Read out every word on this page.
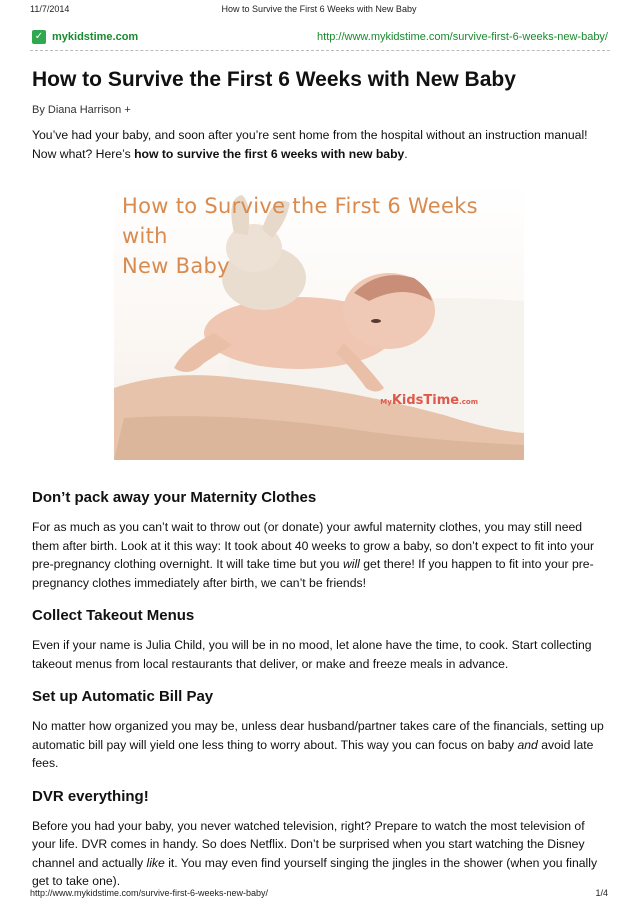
11/7/2014	How to Survive the First 6 Weeks with New Baby
✓ mykidstime.com	http://www.mykidstime.com/survive-first-6-weeks-new-baby/
How to Survive the First 6 Weeks with New Baby
By Diana Harrison +

You’ve had your baby, and soon after you’re sent home from the hospital without an instruction manual! Now what? Here’s how to survive the first 6 weeks with new baby.

Don’t pack away your Maternity Clothes

For as much as you can’t wait to throw out (or donate) your awful maternity clothes, you may still need them after birth. Look at it this way: It took about 40 weeks to grow a baby, so don’t expect to fit into your pre-pregnancy clothing overnight. It will take time but you will get there! If you happen to fit into your pre-pregnancy clothes immediately after birth, we can’t be friends!

Collect Takeout Menus

Even if your name is Julia Child, you will be in no mood, let alone have the time, to cook. Start collecting takeout menus from local restaurants that deliver, or make and freeze meals in advance.

Set up Automatic Bill Pay

No matter how organized you may be, unless dear husband/partner takes care of the financials, setting up automatic bill pay will yield one less thing to worry about. This way you can focus on baby and avoid late fees.

DVR everything!

Before you had your baby, you never watched television, right? Prepare to watch the most television of your life. DVR comes in handy. So does Netflix. Don’t be surprised when you start watching the Disney channel and actually like it. You may even find yourself singing the jingles in the shower (when you finally get to take one).

How to Survive the First 6 Weeks with
New Baby
MyKidsTime.com
http://www.mykidstime.com/survive-first-6-weeks-new-baby/	1/4
